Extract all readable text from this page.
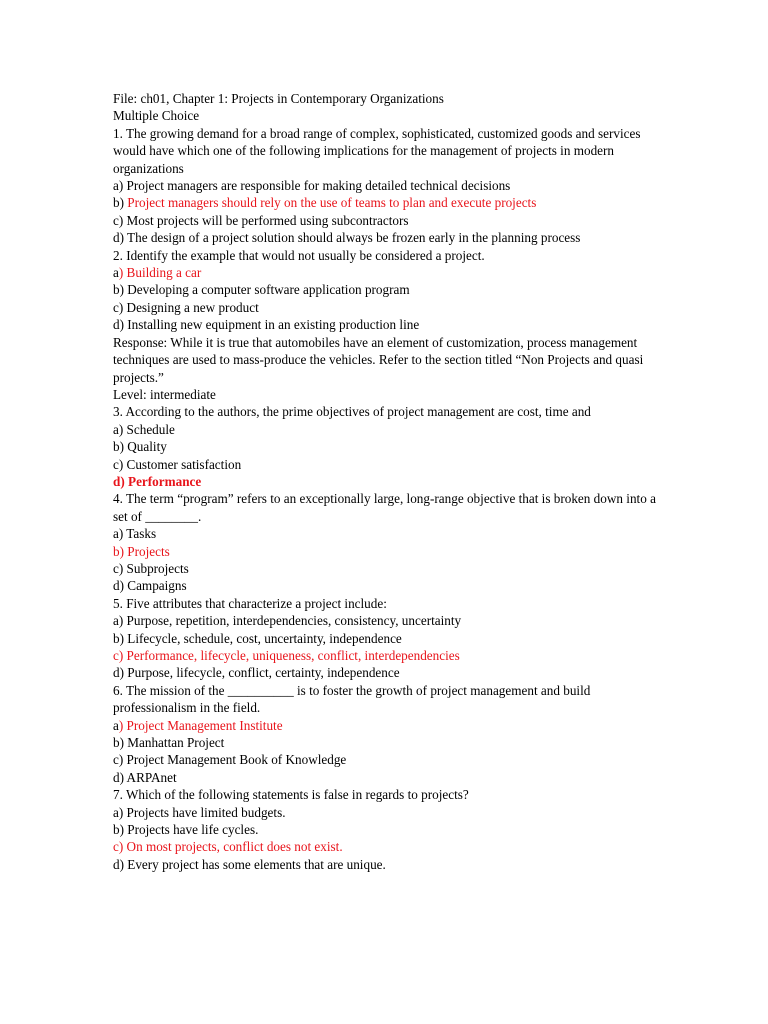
File: ch01, Chapter 1: Projects in Contemporary Organizations
Multiple Choice
1. The growing demand for a broad range of complex, sophisticated, customized goods and services would have which one of the following implications for the management of projects in modern organizations
a) Project managers are responsible for making detailed technical decisions
b) Project managers should rely on the use of teams to plan and execute projects
c) Most projects will be performed using subcontractors
d) The design of a project solution should always be frozen early in the planning process
2. Identify the example that would not usually be considered a project.
a) Building a car
b) Developing a computer software application program
c) Designing a new product
d) Installing new equipment in an existing production line
Response: While it is true that automobiles have an element of customization, process management techniques are used to mass-produce the vehicles. Refer to the section titled “Non Projects and quasi projects.”
Level: intermediate
3. According to the authors, the prime objectives of project management are cost, time and
a) Schedule
b) Quality
c) Customer satisfaction
d) Performance
4. The term “program” refers to an exceptionally large, long-range objective that is broken down into a set of ________.
a) Tasks
b) Projects
c) Subprojects
d) Campaigns
5. Five attributes that characterize a project include:
a) Purpose, repetition, interdependencies, consistency, uncertainty
b) Lifecycle, schedule, cost, uncertainty, independence
c) Performance, lifecycle, uniqueness, conflict, interdependencies
d) Purpose, lifecycle, conflict, certainty, independence
6. The mission of the __________ is to foster the growth of project management and build professionalism in the field.
a) Project Management Institute
b) Manhattan Project
c) Project Management Book of Knowledge
d) ARPAnet
7. Which of the following statements is false in regards to projects?
a) Projects have limited budgets.
b) Projects have life cycles.
c) On most projects, conflict does not exist.
d) Every project has some elements that are unique.
